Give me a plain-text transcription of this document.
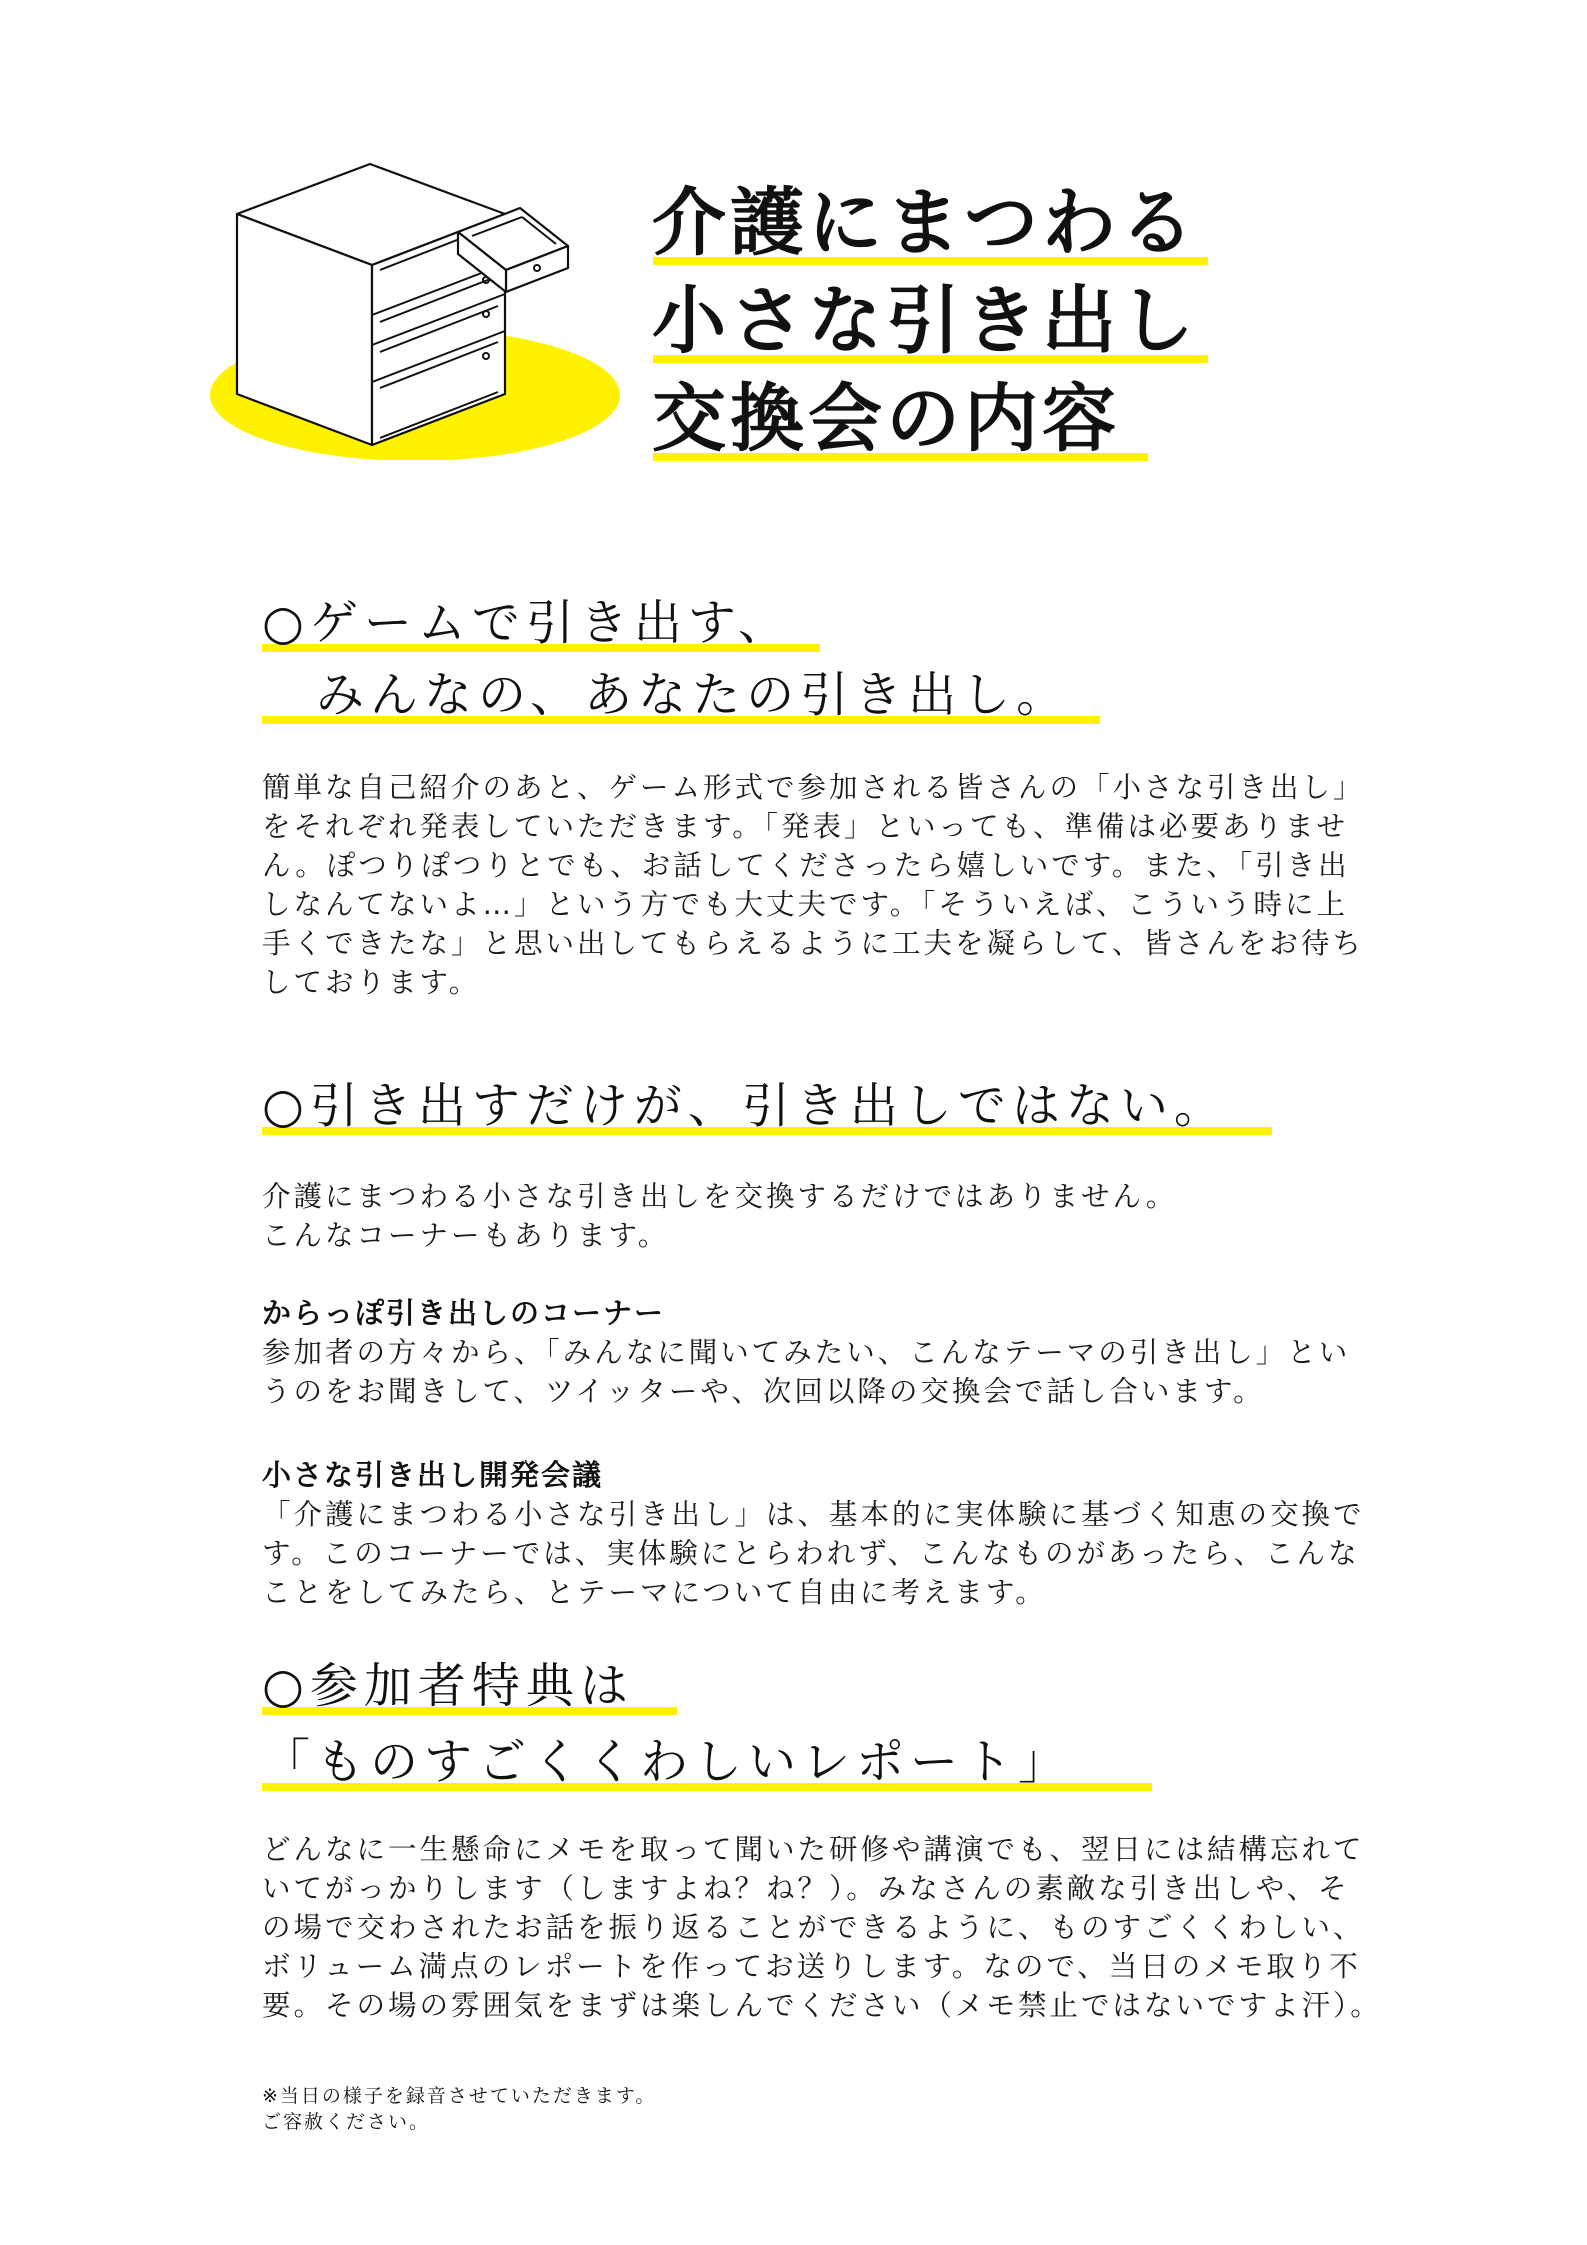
介護にまつわる
小さな引き出し
交換会の内容
○ゲームで引き出す、
　みんなの、あなたの引き出し。
簡単な自己紹介のあと、ゲーム形式で参加される皆さんの「小さな引き出し」
をそれぞれ発表していただきます。「発表」といっても、準備は必要ありませ
ん。ぽつりぽつりとでも、お話してくださったら嬉しいです。また、「引き出
しなんてないよ…」という方でも大丈夫です。「そういえば、こういう時に上
手くできたな」と思い出してもらえるように工夫を凝らして、皆さんをお待ち
しております。
○引き出すだけが、引き出しではない。
介護にまつわる小さな引き出しを交換するだけではありません。
こんなコーナーもあります。
からっぽ引き出しのコーナー
参加者の方々から、「みんなに聞いてみたい、こんなテーマの引き出し」とい
うのをお聞きして、ツイッターや、次回以降の交換会で話し合います。
小さな引き出し開発会議
「介護にまつわる小さな引き出し」は、基本的に実体験に基づく知恵の交換で
す。このコーナーでは、実体験にとらわれず、こんなものがあったら、こんな
ことをしてみたら、とテーマについて自由に考えます。
○参加者特典は
「ものすごくくわしいレポート」
どんなに一生懸命にメモを取って聞いた研修や講演でも、翌日には結構忘れて
いてがっかりします（しますよね？ね？）。みなさんの素敵な引き出しや、そ
の場で交わされたお話を振り返ることができるように、ものすごくくわしい、
ボリューム満点のレポートを作ってお送りします。なので、当日のメモ取り不
要。その場の雰囲気をまずは楽しんでください（メモ禁止ではないですよ汗）。
※当日の様子を録音させていただきます。
ご容赦ください。
